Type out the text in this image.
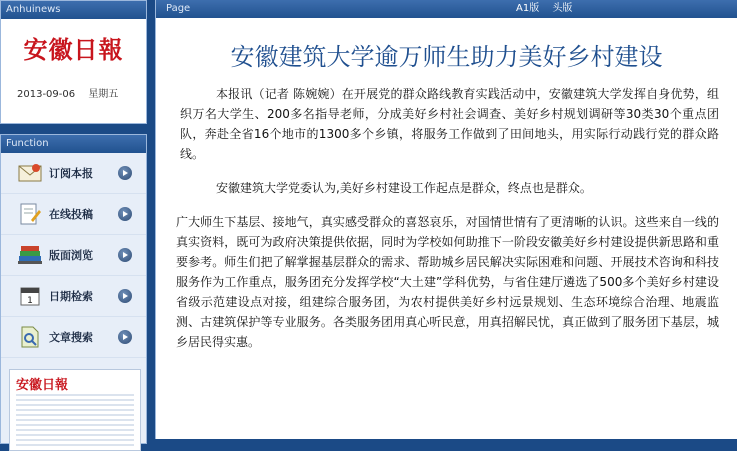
Anhuinews
安徽日報
2013-09-06 星期五
Function
订阅本报
在线投稿
版面浏览
1 日期检索
文章搜索
安徽日報
Page	A1版 头版
安徽建筑大学逾万师生助力美好乡村建设

本报讯（记者 陈婉婉）在开展党的群众路线教育实践活动中，安徽建筑大学发挥自身优势，组织万名大学生、200多名指导老师，分成美好乡村社会调查、美好乡村规划调研等30类30个重点团队，奔赴全省16个地市的1300多个乡镇，将服务工作做到了田间地头，用实际行动践行党的群众路线。

安徽建筑大学党委认为,美好乡村建设工作起点是群众，终点也是群众。

广大师生下基层、接地气，真实感受群众的喜怒哀乐，对国情世情有了更清晰的认识。这些来自一线的真实资料，既可为政府决策提供依据，同时为学校如何助推下一阶段安徽美好乡村建设提供新思路和重要参考。师生们把了解掌握基层群众的需求、帮助城乡居民解决实际困难和问题、开展技术咨询和科技服务作为工作重点，服务团充分发挥学校“大土建”学科优势，与省住建厅遴选了500多个美好乡村建设省级示范建设点对接，组建综合服务团，为农村提供美好乡村远景规划、生态环境综合治理、地震监测、古建筑保护等专业服务。各类服务团用真心听民意，用真招解民忧，真正做到了服务团下基层，城乡居民得实惠。
